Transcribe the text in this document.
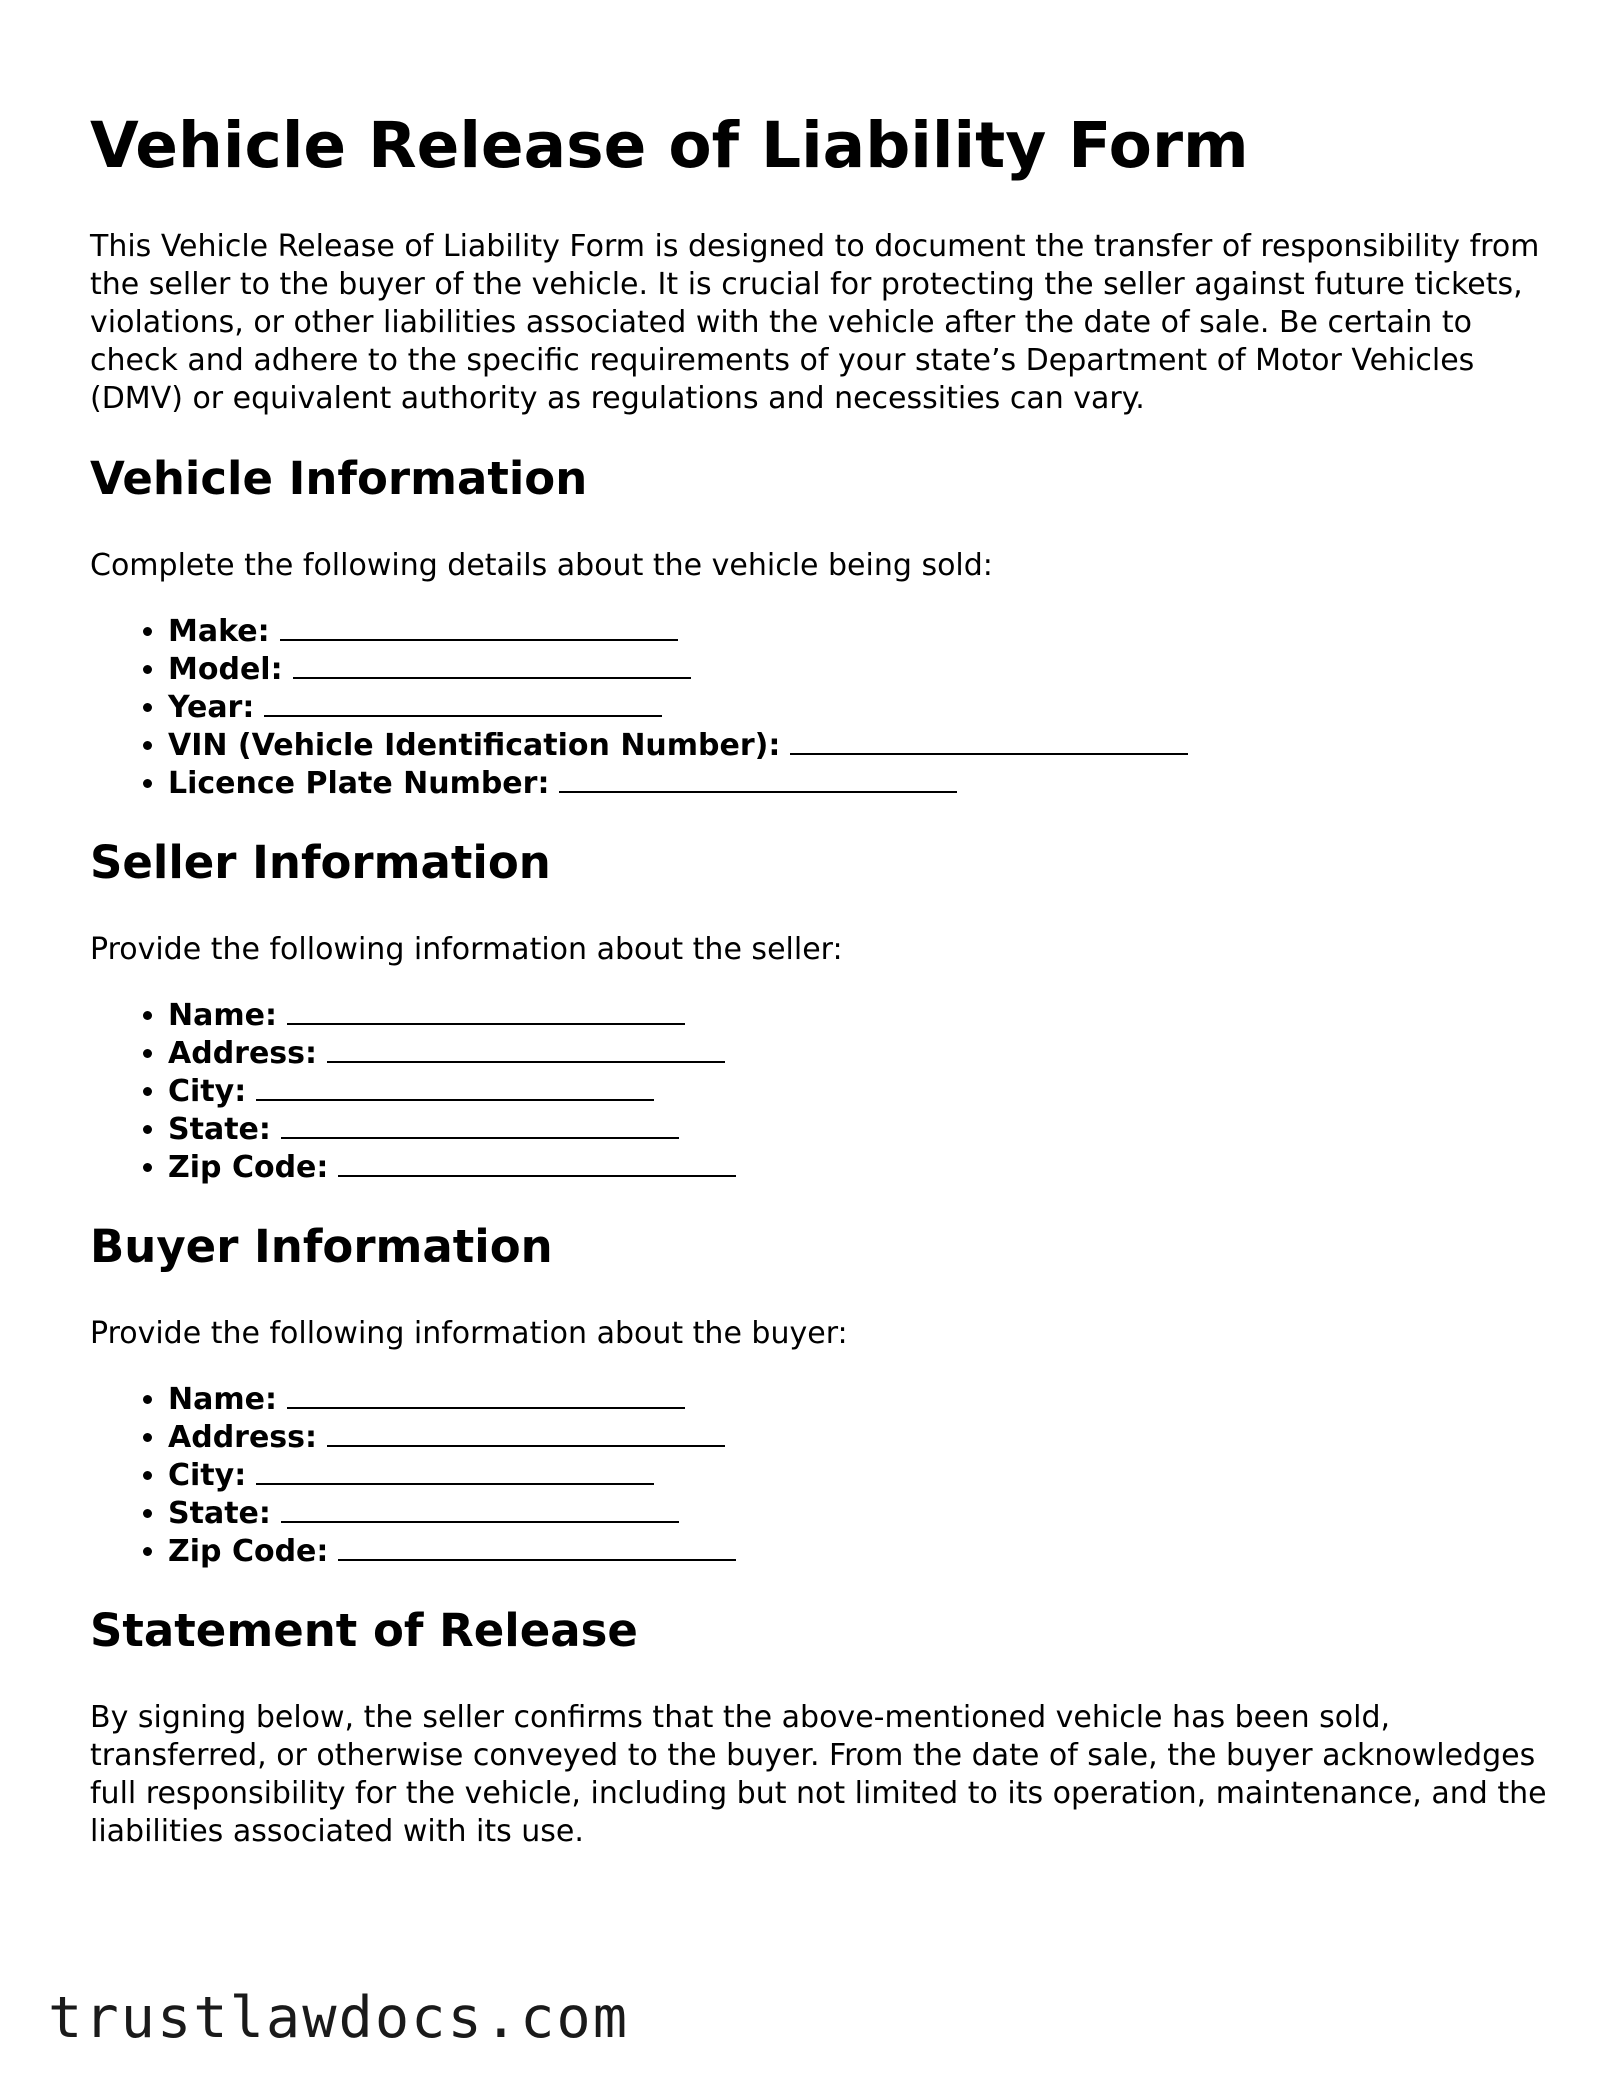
Vehicle Release of Liability Form

This Vehicle Release of Liability Form is designed to document the transfer of responsibility from the seller to the buyer of the vehicle. It is crucial for protecting the seller against future tickets, violations, or other liabilities associated with the vehicle after the date of sale. Be certain to check and adhere to the specific requirements of your state’s Department of Motor Vehicles (DMV) or equivalent authority as regulations and necessities can vary.

Vehicle Information

Complete the following details about the vehicle being sold:

• Make:
• Model:
• Year:
• VIN (Vehicle Identification Number):
• Licence Plate Number:
Seller Information

Provide the following information about the seller:

• Name:
• Address:
• City:
• State:
• Zip Code:
Buyer Information

Provide the following information about the buyer:

• Name:
• Address:
• City:
• State:
• Zip Code:
Statement of Release

By signing below, the seller confirms that the above-mentioned vehicle has been sold, transferred, or otherwise conveyed to the buyer. From the date of sale, the buyer acknowledges full responsibility for the vehicle, including but not limited to its operation, maintenance, and the liabilities associated with its use.

trustlawdocs.com
